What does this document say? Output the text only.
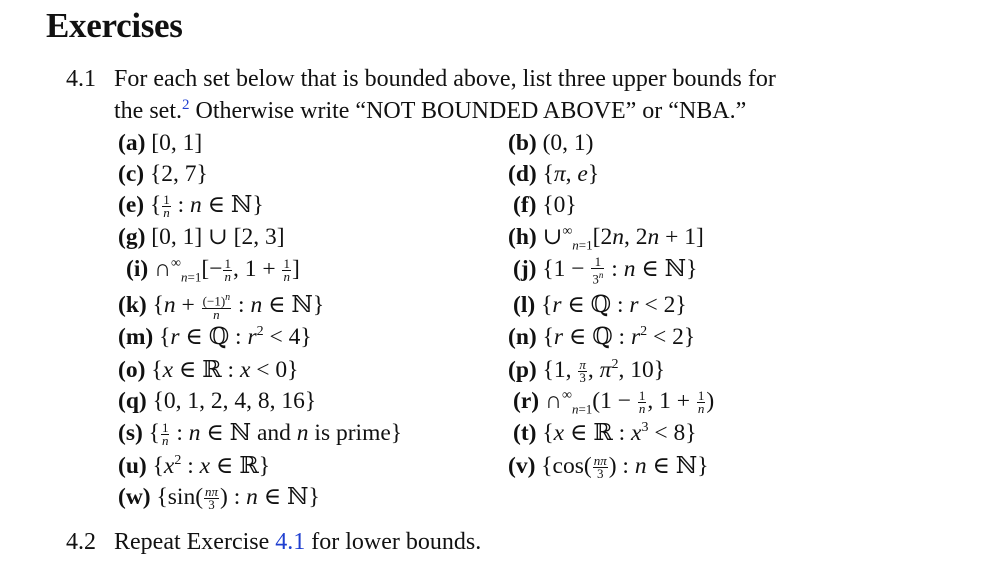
Exercises
4.1 For each set below that is bounded above, list three upper bounds for
the set.$^2$ Otherwise write “NOT BOUNDED ABOVE” or “NBA.”
(a) [0, 1]
(c) {2, 7}
(e) { $\frac{1}{n}$ : n ∈ ℕ}
(g) [0, 1] ∪ [2, 3]
(i) $\cap^\infty_{n=1}[- \frac{1}{n}$ , $1 + \frac{1}{n}$ ]
(k) {$n + \frac{(-1)^n}{n}$ : n ∈ ℕ}
(m) {r ∈ ℚ : $r^2 < 4$}
(o) {x ∈ ℝ : x < 0}
(q) {0, 1, 2, 4, 8, 16}
(s) { $\frac{1}{n}$ : n ∈ ℕ and n is prime}
(u) {$x^2$ : x ∈ ℝ}
(w) {$\sin( \frac{n\pi}{3}$ ) : n ∈ ℕ}
(b) (0, 1)
(d) {π, e}
(f) {0}
(h) $\cup^\infty_{n=1}[2n$, 2n + 1]
(j) {$1 - \frac{1}{3^n}$ : n ∈ ℕ}
(l) {r ∈ ℚ : r < 2}
(n) {r ∈ ℚ : $r^2 < 2$}
(p) {1, $\frac{\pi}{3}$ , $\pi^2$, 10}
(r) $\cap^\infty_{n=1}(1 - \frac{1}{n}$ , $1 + \frac{1}{n}$ )
(t) {x ∈ ℝ : $x^3 < 8$}
(v) {$\cos( \frac{n\pi}{3}$ ) : n ∈ ℕ}
4.2 Repeat Exercise 4.1 for lower bounds.
